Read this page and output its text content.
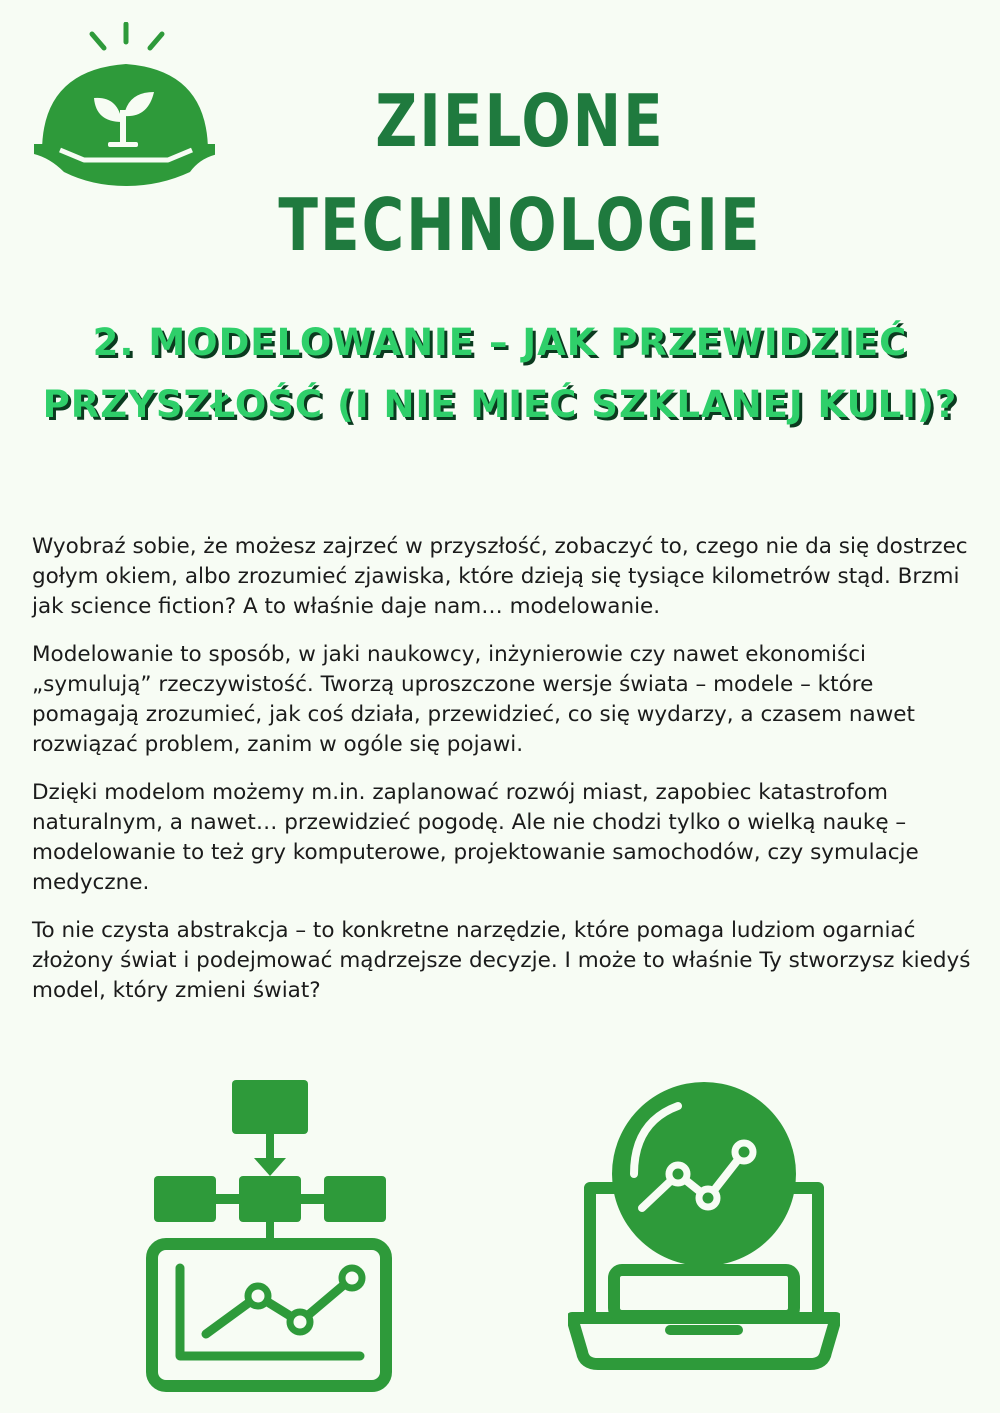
ZIELONE
TECHNOLOGIE
2. MODELOWANIE – JAK PRZEWIDZIEĆ PRZYSZŁOŚĆ (I NIE MIEĆ SZKLANEJ KULI)?

Wyobraź sobie, że możesz zajrzeć w przyszłość, zobaczyć to, czego nie da się dostrzec gołym okiem, albo zrozumieć zjawiska, które dzieją się tysiące kilometrów stąd. Brzmi jak science fiction? A to właśnie daje nam… modelowanie.

Modelowanie to sposób, w jaki naukowcy, inżynierowie czy nawet ekonomiści „symulują” rzeczywistość. Tworzą uproszczone wersje świata – modele – które pomagają zrozumieć, jak coś działa, przewidzieć, co się wydarzy, a czasem nawet rozwiązać problem, zanim w ogóle się pojawi.

Dzięki modelom możemy m.in. zaplanować rozwój miast, zapobiec katastrofom naturalnym, a nawet… przewidzieć pogodę. Ale nie chodzi tylko o wielką naukę – modelowanie to też gry komputerowe, projektowanie samochodów, czy symulacje medyczne.

To nie czysta abstrakcja – to konkretne narzędzie, które pomaga ludziom ogarniać złożony świat i podejmować mądrzejsze decyzje. I może to właśnie Ty stworzysz kiedyś model, który zmieni świat?
